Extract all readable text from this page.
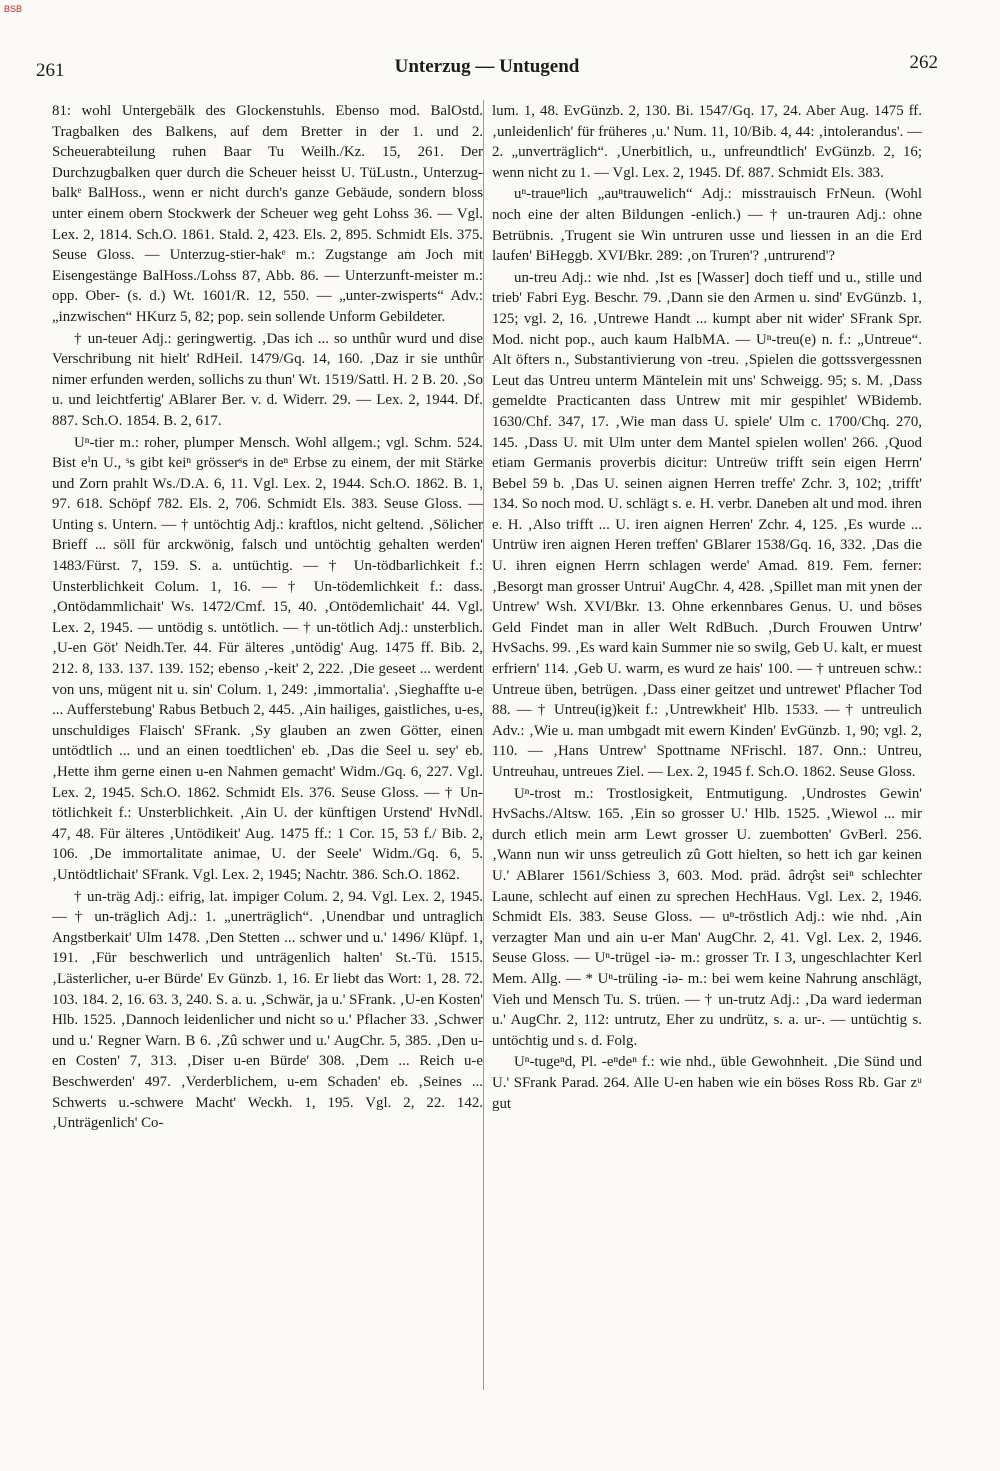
BSB
261	Unterzug — Untugend	262

81: wohl Untergebälk des Glockenstuhls. Ebenso mod. BalOstd. Tragbalken des Balkens, auf dem Bretter in der 1. und 2. Scheuerabteilung ruhen Baar Tu Weilh./Kz. 15, 261. Der Durchzugbalken quer durch die Scheuer heisst U. TüLustn., Unterzug-balkᵉ BalHoss., wenn er nicht durch's ganze Gebäude, sondern bloss unter einem obern Stockwerk der Scheuer weg geht Lohss 36. — Vgl. Lex. 2, 1814. Sch.O. 1861. Stald. 2, 423. Els. 2, 895. Schmidt Els. 375. Seuse Gloss. — Unterzug-stier-hakᵉ m.: Zugstange am Joch mit Eisengestänge BalHoss./Lohss 87, Abb. 86. — Unterzunft-meister m.: opp. Ober- (s. d.) Wt. 1601/R. 12, 550. — „unter-zwisperts“ Adv.: „inzwischen“ HKurz 5, 82; pop. sein sollende Unform Gebildeter.

† un-teuer Adj.: geringwertig. ‚Das ich ... so unthûr wurd und dise Verschribung nit hielt' RdHeil. 1479/Gq. 14, 160. ‚Daz ir sie unthûr nimer erfunden werden, sollichs zu thun' Wt. 1519/Sattl. H. 2 B. 20. ‚So u. und leichtfertig' ABlarer Ber. v. d. Widerr. 29. — Lex. 2, 1944. Df. 887. Sch.O. 1854. B. 2, 617.

Uⁿ-tier m.: roher, plumper Mensch. Wohl allgem.; vgl. Schm. 524. Bist eⁱn U., ˢs gibt keiⁿ grösserˢs in deⁿ Erbse zu einem, der mit Stärke und Zorn prahlt Ws./D.A. 6, 11. Vgl. Lex. 2, 1944. Sch.O. 1862. B. 1, 97. 618. Schöpf 782. Els. 2, 706. Schmidt Els. 383. Seuse Gloss. — Unting s. Untern. — † untöchtig Adj.: kraftlos, nicht geltend. ‚Sölicher Brieff ... söll für arckwönig, falsch und untöchtig gehalten werden' 1483/Fürst. 7, 159. S. a. untüchtig. — † Un-tödbarlichkeit f.: Unsterblichkeit Colum. 1, 16. — † Un-tödemlichkeit f.: dass. ‚Ontödammlichait' Ws. 1472/Cmf. 15, 40. ‚Ontödemlichait' 44. Vgl. Lex. 2, 1945. — untödig s. untötlich. — † un-tötlich Adj.: unsterblich. ‚U-en Göt' Neidh.Ter. 44. Für älteres ‚untödig' Aug. 1475 ff. Bib. 2, 212. 8, 133. 137. 139. 152; ebenso ‚-keit' 2, 222. ‚Die geseet ... werdent von uns, mügent nit u. sin' Colum. 1, 249: ‚immortalia'. ‚Sieghaffte u-e ... Aufferstebung' Rabus Betbuch 2, 445. ‚Ain hailiges, gaistliches, u-es, unschuldiges Flaisch' SFrank. ‚Sy glauben an zwen Götter, einen untödtlich ... und an einen toedtlichen' eb. ‚Das die Seel u. sey' eb. ‚Hette ihm gerne einen u-en Nahmen gemacht' Widm./Gq. 6, 227. Vgl. Lex. 2, 1945. Sch.O. 1862. Schmidt Els. 376. Seuse Gloss. — † Un-tötlichkeit f.: Unsterblichkeit. ‚Ain U. der künftigen Urstend' HvNdl. 47, 48. Für älteres ‚Untödikeit' Aug. 1475 ff.: 1 Cor. 15, 53 f./ Bib. 2, 106. ‚De immortalitate animae, U. der Seele' Widm./Gq. 6, 5. ‚Untödtlichait' SFrank. Vgl. Lex. 2, 1945; Nachtr. 386. Sch.O. 1862.

† un-träg Adj.: eifrig, lat. impiger Colum. 2, 94. Vgl. Lex. 2, 1945. — † un-träglich Adj.: 1. „unerträglich“. ‚Unendbar und untraglich Angstberkait' Ulm 1478. ‚Den Stetten ... schwer und u.' 1496/ Klüpf. 1, 191. ‚Für beschwerlich und unträgenlich halten' St.-Tü. 1515. ‚Lästerlicher, u-er Bürde' Ev Günzb. 1, 16. Er liebt das Wort: 1, 28. 72. 103. 184. 2, 16. 63. 3, 240. S. a. u. ‚Schwär, ja u.' SFrank. ‚U-en Kosten' Hlb. 1525. ‚Dannoch leidenlicher und nicht so u.' Pflacher 33. ‚Schwer und u.' Regner Warn. B 6. ‚Zû schwer und u.' AugChr. 5, 385. ‚Den u-en Costen' 7, 313. ‚Diser u-en Bürde' 308. ‚Dem ... Reich u-e Beschwerden' 497. ‚Verderblichem, u-em Schaden' eb. ‚Seines ... Schwerts u.-schwere Macht' Weckh. 1, 195. Vgl. 2, 22. 142. ‚Unträgenlich' Co-

lum. 1, 48. EvGünzb. 2, 130. Bi. 1547/Gq. 17, 24. Aber Aug. 1475 ff. ‚unleidenlich' für früheres ‚u.' Num. 11, 10/Bib. 4, 44: ‚intolerandus'. — 2. „unverträglich“. ‚Unerbitlich, u., unfreundtlich' EvGünzb. 2, 16; wenn nicht zu 1. — Vgl. Lex. 2, 1945. Df. 887. Schmidt Els. 383.

uⁿ-traueⁿlich „auⁿtrauwelich“ Adj.: misstrauisch FrNeun. (Wohl noch eine der alten Bildungen -enlich.) — † un-trauren Adj.: ohne Betrübnis. ‚Trugent sie Win untruren usse und liessen in an die Erd laufen' BiHeggb. XVI/Bkr. 289: ‚on Truren'? ‚untrurend'?

un-treu Adj.: wie nhd. ‚Ist es [Wasser] doch tieff und u., stille und trieb' Fabri Eyg. Beschr. 79. ‚Dann sie den Armen u. sind' EvGünzb. 1, 125; vgl. 2, 16. ‚Untrewe Handt ... kumpt aber nit wider' SFrank Spr. Mod. nicht pop., auch kaum HalbMA. — Uⁿ-treu(e) n. f.: „Untreue“. Alt öfters n., Substantivierung von -treu. ‚Spielen die gottssvergessnen Leut das Untreu unterm Mäntelein mit uns' Schweigg. 95; s. M. ‚Dass gemeldte Practicanten dass Untrew mit mir gespihlet' WBidemb. 1630/Chf. 347, 17. ‚Wie man dass U. spiele' Ulm c. 1700/Chq. 270, 145. ‚Dass U. mit Ulm unter dem Mantel spielen wollen' 266. ‚Quod etiam Germanis proverbis dicitur: Untreüw trifft sein eigen Herrn' Bebel 59 b. ‚Das U. seinen aignen Herren treffe' Zchr. 3, 102; ‚trifft' 134. So noch mod. U. schlägt s. e. H. verbr. Daneben alt und mod. ihren e. H. ‚Also trifft ... U. iren aignen Herren' Zchr. 4, 125. ‚Es wurde ... Untrüw iren aignen Heren treffen' GBlarer 1538/Gq. 16, 332. ‚Das die U. ihren eignen Herrn schlagen werde' Amad. 819. Fem. ferner: ‚Besorgt man grosser Untrui' AugChr. 4, 428. ‚Spillet man mit ynen der Untrew' Wsh. XVI/Bkr. 13. Ohne erkennbares Genus. U. und böses Geld Findet man in aller Welt RdBuch. ‚Durch Frouwen Untrw' HvSachs. 99. ‚Es ward kain Summer nie so swilg, Geb U. kalt, er muest erfriern' 114. ‚Geb U. warm, es wurd ze hais' 100. — † untreuen schw.: Untreue üben, betrügen. ‚Dass einer geitzet und untrewet' Pflacher Tod 88. — † Untreu(ig)keit f.: ‚Untrewkheit' Hlb. 1533. — † untreulich Adv.: ‚Wie u. man umbgadt mit ewern Kinden' EvGünzb. 1, 90; vgl. 2, 110. — ‚Hans Untrew' Spottname NFrischl. 187. Onn.: Untreu, Untreuhau, untreues Ziel. — Lex. 2, 1945 f. Sch.O. 1862. Seuse Gloss.

Uⁿ-trost m.: Trostlosigkeit, Entmutigung. ‚Undrostes Gewin' HvSachs./Altsw. 165. ‚Ein so grosser U.' Hlb. 1525. ‚Wiewol ... mir durch etlich mein arm Lewt grosser U. zuembotten' GvBerl. 256. ‚Wann nun wir unss getreulich zû Gott hielten, so hett ich gar keinen U.' ABlarer 1561/Schiess 3, 603. Mod. präd. âdrǫ̂st seiⁿ schlechter Laune, schlecht auf einen zu sprechen HechHaus. Vgl. Lex. 2, 1946. Schmidt Els. 383. Seuse Gloss. — uⁿ-tröstlich Adj.: wie nhd. ‚Ain verzagter Man und ain u-er Man' AugChr. 2, 41. Vgl. Lex. 2, 1946. Seuse Gloss. — Uⁿ-trügel -iə- m.: grosser Tr. I 3, ungeschlachter Kerl Mem. Allg. — * Uⁿ-trüling -iə- m.: bei wem keine Nahrung anschlägt, Vieh und Mensch Tu. S. trüen. — † un-trutz Adj.: ‚Da ward iederman u.' AugChr. 2, 112: untrutz, Eher zu undrütz, s. a. ur-. — untüchtig s. untöchtig und s. d. Folg.

Uⁿ-tugeⁿd, Pl. -eⁿdeⁿ f.: wie nhd., üble Gewohnheit. ‚Die Sünd und U.' SFrank Parad. 264. Alle U-en haben wie ein böses Ross Rb. Gar zᵘ gut
